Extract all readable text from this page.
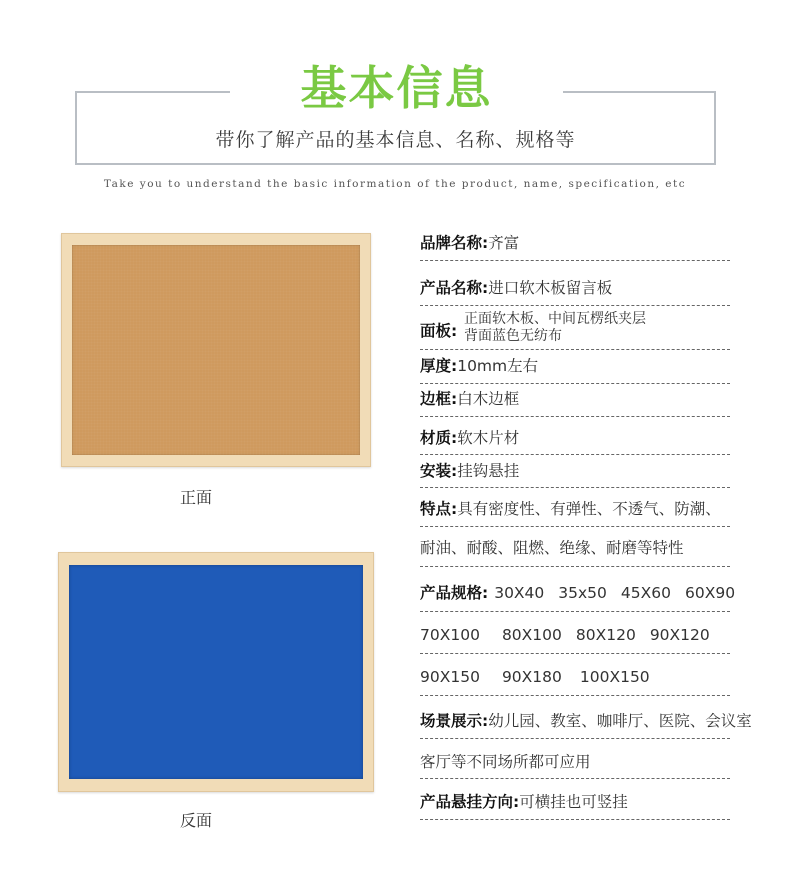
基本信息
带你了解产品的基本信息、名称、规格等
Take you to understand the basic information of the product, name, specification, etc
正面
反面
品牌名称:齐富
产品名称:进口软木板留言板
面板:
正面软木板、中间瓦楞纸夹层
背面蓝色无纺布
厚度:10mm左右
边框:白木边框
材质:软木片材
安装:挂钩悬挂
特点:具有密度性、有弹性、不透气、防潮、
耐油、耐酸、阻燃、绝缘、耐磨等特性
产品规格: 30X40 35x50 45X60 60X90
70X100 80X100 80X120 90X120
90X150 90X180 100X150
场景展示:幼儿园、教室、咖啡厅、医院、会议室
客厅等不同场所都可应用
产品悬挂方向:可横挂也可竖挂
